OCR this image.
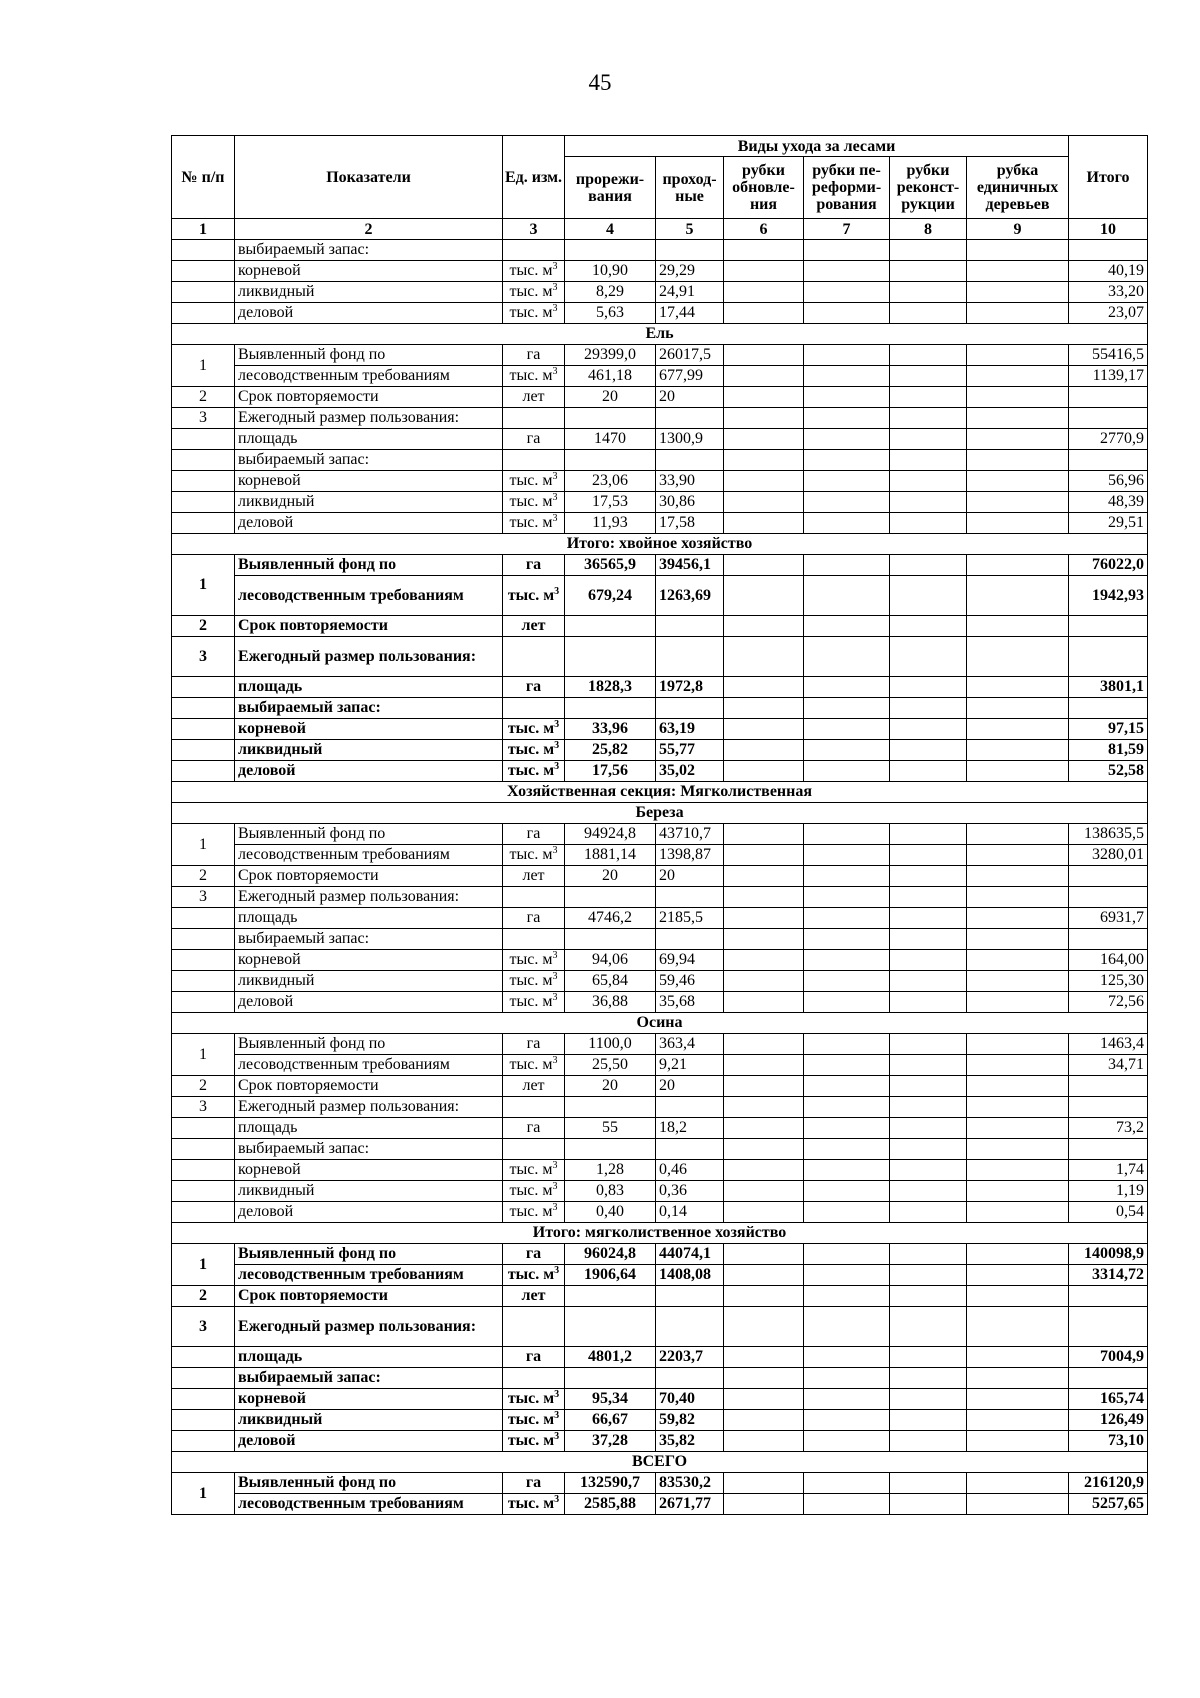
45
№ п/п	Показатели	Ед. изм.	Виды ухода за лесами						Итого
			прорежи-вания	проход-ные	рубки обновле-ния	рубки пе-реформи-рования	рубки реконст-рукции	рубка единичных деревьев	
1	2	3	4	5	6	7	8	9	10
	выбираемый запас:								
	корневой	тыс. $м^3$	10,90	29,29					40,19
	ликвидный	тыс. $м^3$	8,29	24,91					33,20
	деловой	тыс. $м^3$	5,63	17,44					23,07
Ель									
1	Выявленный фонд по	га	29399,0	26017,5					55416,5
	лесоводственным требованиям	тыс. $м^3$	461,18	677,99					1139,17
2	Срок повторяемости	лет	20	20					
3	Ежегодный размер пользования:								
	площадь	га	1470	1300,9					2770,9
	выбираемый запас:								
	корневой	тыс. $м^3$	23,06	33,90					56,96
	ликвидный	тыс. $м^3$	17,53	30,86					48,39
	деловой	тыс. $м^3$	11,93	17,58					29,51
Итого: хвойное хозяйство									
1	Выявленный фонд по	га	36565,9	39456,1					76022,0
	лесоводственным требованиям	тыс. $м^3$	679,24	1263,69					1942,93
2	Срок повторяемости	лет							
3	Ежегодный размер пользования:								
	площадь	га	1828,3	1972,8					3801,1
	выбираемый запас:								
	корневой	тыс. $м^3$	33,96	63,19					97,15
	ликвидный	тыс. $м^3$	25,82	55,77					81,59
	деловой	тыс. $м^3$	17,56	35,02					52,58
Хозяйственная секция: Мягколиственная									
Береза									
1	Выявленный фонд по	га	94924,8	43710,7					138635,5
	лесоводственным требованиям	тыс. $м^3$	1881,14	1398,87					3280,01
2	Срок повторяемости	лет	20	20					
3	Ежегодный размер пользования:								
	площадь	га	4746,2	2185,5					6931,7
	выбираемый запас:								
	корневой	тыс. $м^3$	94,06	69,94					164,00
	ликвидный	тыс. $м^3$	65,84	59,46					125,30
	деловой	тыс. $м^3$	36,88	35,68					72,56
Осина									
1	Выявленный фонд по	га	1100,0	363,4					1463,4
	лесоводственным требованиям	тыс. $м^3$	25,50	9,21					34,71
2	Срок повторяемости	лет	20	20					
3	Ежегодный размер пользования:								
	площадь	га	55	18,2					73,2
	выбираемый запас:								
	корневой	тыс. $м^3$	1,28	0,46					1,74
	ликвидный	тыс. $м^3$	0,83	0,36					1,19
	деловой	тыс. $м^3$	0,40	0,14					0,54
Итого: мягколиственное хозяйство									
1	Выявленный фонд по	га	96024,8	44074,1					140098,9
	лесоводственным требованиям	тыс. $м^3$	1906,64	1408,08					3314,72
2	Срок повторяемости	лет							
3	Ежегодный размер пользования:								
	площадь	га	4801,2	2203,7					7004,9
	выбираемый запас:								
	корневой	тыс. $м^3$	95,34	70,40					165,74
	ликвидный	тыс. $м^3$	66,67	59,82					126,49
	деловой	тыс. $м^3$	37,28	35,82					73,10
ВСЕГО									
1	Выявленный фонд по	га	132590,7	83530,2					216120,9
	лесоводственным требованиям	тыс. $м^3$	2585,88	2671,77					5257,65
